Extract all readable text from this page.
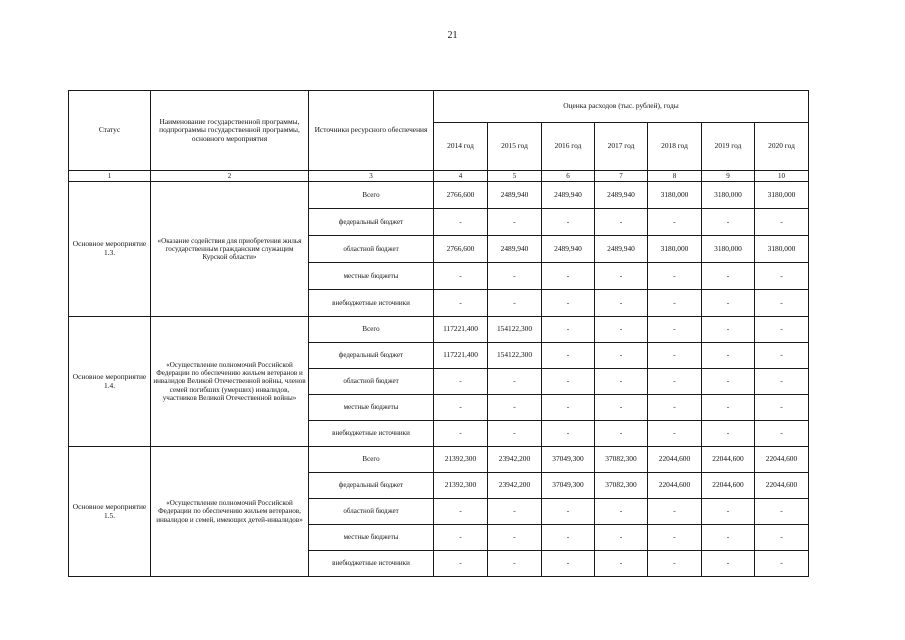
21
Статус	Наименование государственной программы, подпрограммы государственной программы, основного мероприятия	Источники ресурсного обеспечения	Оценка расходов (тыс. рублей), годы						
			2014 год	2015 год	2016 год	2017 год	2018 год	2019 год	2020 год
1	2	3	4	5	6	7	8	9	10
Основное мероприятие 1.3.	«Оказание содействия для приобретения жилья государственным гражданским служащим Курской области»	Всего	2766,600	2489,940	2489,940	2489,940	3180,000	3180,000	3180,000
		федеральный бюджет	-	-	-	-	-	-	-
		областной бюджет	2766,600	2489,940	2489,940	2489,940	3180,000	3180,000	3180,000
		местные бюджеты	-	-	-	-	-	-	-
		внебюджетные источники	-	-	-	-	-	-	-
Основное мероприятие 1.4.	«Осуществление полномочий Российской Федерации по обеспечению жильем ветеранов и инвалидов Великой Отечественной войны, членов семей погибших (умерших) инвалидов, участников Великой Отечественной войны»	Всего	117221,400	154122,300	-	-	-	-	-
		федеральный бюджет	117221,400	154122,300	-	-	-	-	-
		областной бюджет	-	-	-	-	-	-	-
		местные бюджеты	-	-	-	-	-	-	-
		внебюджетные источники	-	-	-	-	-	-	-
Основное мероприятие 1.5.	«Осуществление полномочий Российской Федерации по обеспечению жильем ветеранов, инвалидов и семей, имеющих детей-инвалидов»	Всего	21392,300	23942,200	37049,300	37082,300	22044,600	22044,600	22044,600
		федеральный бюджет	21392,300	23942,200	37049,300	37082,300	22044,600	22044,600	22044,600
		областной бюджет	-	-	-	-	-	-	-
		местные бюджеты	-	-	-	-	-	-	-
		внебюджетные источники	-	-	-	-	-	-	-
